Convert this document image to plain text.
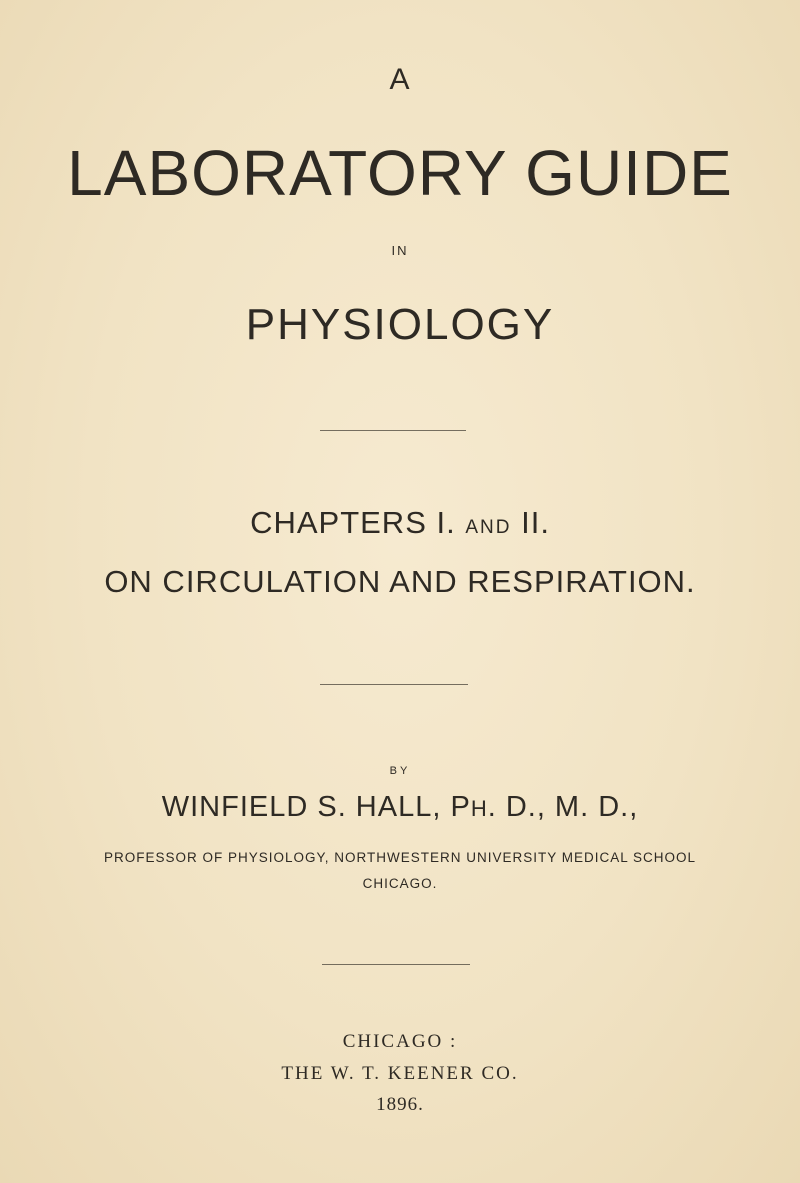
A
LABORATORY GUIDE
IN
PHYSIOLOGY
CHAPTERS I. AND II.
ON CIRCULATION AND RESPIRATION.
BY
WINFIELD S. HALL, PH. D., M. D.,
PROFESSOR OF PHYSIOLOGY, NORTHWESTERN UNIVERSITY MEDICAL SCHOOL
CHICAGO.
CHICAGO :
THE W. T. KEENER CO.
1896.
